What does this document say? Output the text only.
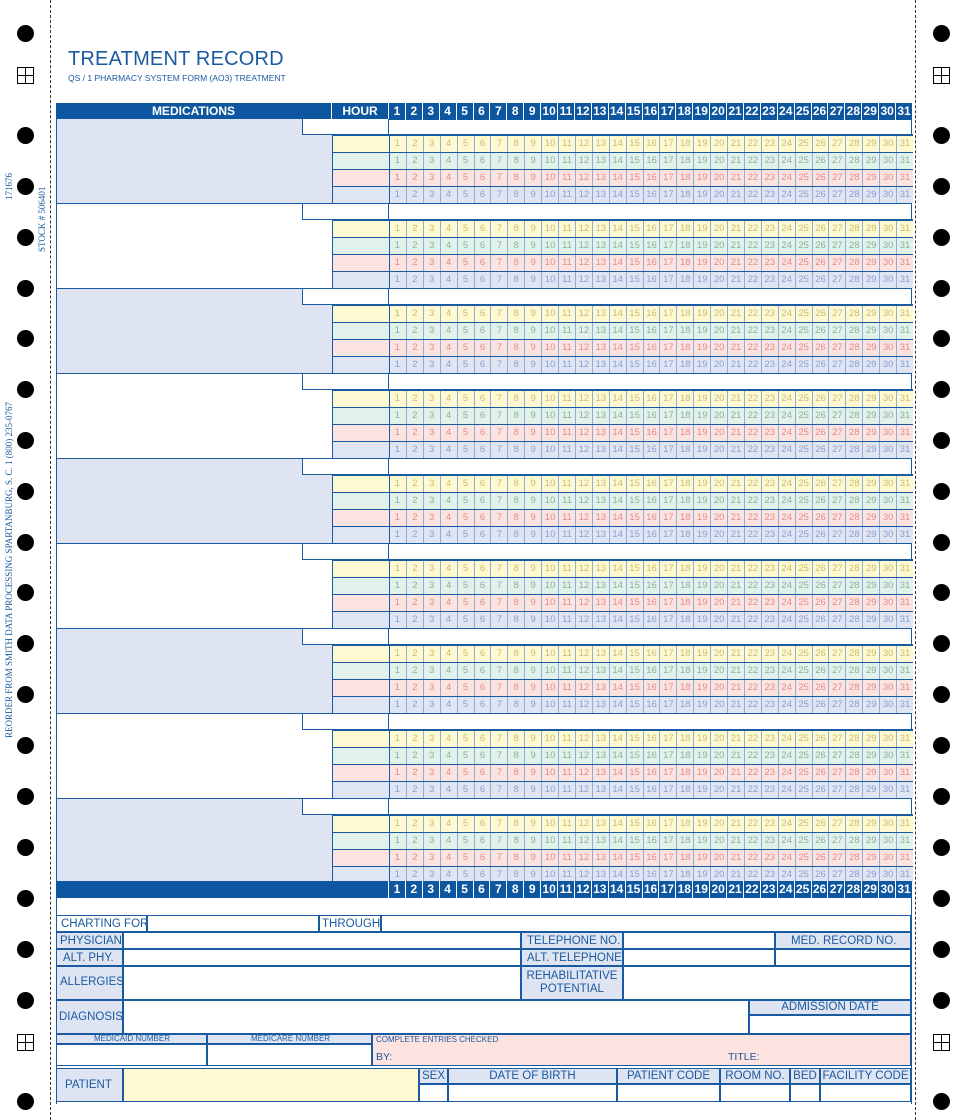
171676
STOCK # 506401
REORDER FROM SMITH DATA PROCESSING SPARTANBURG, S. C. 1 (800) 235-0767
TREATMENT RECORD
QS / 1 PHARMACY SYSTEM FORM (AO3) TREATMENT
MEDICATIONS	HOUR	1 2 3 4 5 6 7 8 9 10 11 12 13 14 15 16 17 18 19 20 21 22 23 24 25 26 27 28 29 30 31
1	2	3	4	5	6	7	8	9 10 11 12 13 14 15 16 17 18 19 20 21 22 23 24 25 26 27 28 29 30 31
1	2	3	4	5	6	7	8	9 10 11 12 13 14 15 16 17 18 19 20 21 22 23 24 25 26 27 28 29 30 31
1	2	3	4	5	6	7	8	9 10 11 12 13 14 15 16 17 18 19 20 21 22 23 24 25 26 27 28 29 30 31
1	2	3	4	5	6	7	8	9 10 11 12 13 14 15 16 17 18 19 20 21 22 23 24 25 26 27 28 29 30 31
1	2	3	4	5	6	7	8	9 10 11 12 13 14 15 16 17 18 19 20 21 22 23 24 25 26 27 28 29 30 31
1	2	3	4	5	6	7	8	9 10 11 12 13 14 15 16 17 18 19 20 21 22 23 24 25 26 27 28 29 30 31
1	2	3	4	5	6	7	8	9 10 11 12 13 14 15 16 17 18 19 20 21 22 23 24 25 26 27 28 29 30 31
1	2	3	4	5	6	7	8	9 10 11 12 13 14 15 16 17 18 19 20 21 22 23 24 25 26 27 28 29 30 31
1	2	3	4	5	6	7	8	9 10 11 12 13 14 15 16 17 18 19 20 21 22 23 24 25 26 27 28 29 30 31
1	2	3	4	5	6	7	8	9 10 11 12 13 14 15 16 17 18 19 20 21 22 23 24 25 26 27 28 29 30 31
1	2	3	4	5	6	7	8	9 10 11 12 13 14 15 16 17 18 19 20 21 22 23 24 25 26 27 28 29 30 31
1	2	3	4	5	6	7	8	9 10 11 12 13 14 15 16 17 18 19 20 21 22 23 24 25 26 27 28 29 30 31
1	2	3	4	5	6	7	8	9 10 11 12 13 14 15 16 17 18 19 20 21 22 23 24 25 26 27 28 29 30 31
1	2	3	4	5	6	7	8	9 10 11 12 13 14 15 16 17 18 19 20 21 22 23 24 25 26 27 28 29 30 31
1	2	3	4	5	6	7	8	9 10 11 12 13 14 15 16 17 18 19 20 21 22 23 24 25 26 27 28 29 30 31
1	2	3	4	5	6	7	8	9 10 11 12 13 14 15 16 17 18 19 20 21 22 23 24 25 26 27 28 29 30 31
1	2	3	4	5	6	7	8	9 10 11 12 13 14 15 16 17 18 19 20 21 22 23 24 25 26 27 28 29 30 31
1	2	3	4	5	6	7	8	9 10 11 12 13 14 15 16 17 18 19 20 21 22 23 24 25 26 27 28 29 30 31
1	2	3	4	5	6	7	8	9 10 11 12 13 14 15 16 17 18 19 20 21 22 23 24 25 26 27 28 29 30 31
1	2	3	4	5	6	7	8	9 10 11 12 13 14 15 16 17 18 19 20 21 22 23 24 25 26 27 28 29 30 31
1	2	3	4	5	6	7	8	9 10 11 12 13 14 15 16 17 18 19 20 21 22 23 24 25 26 27 28 29 30 31
1	2	3	4	5	6	7	8	9 10 11 12 13 14 15 16 17 18 19 20 21 22 23 24 25 26 27 28 29 30 31
1	2	3	4	5	6	7	8	9 10 11 12 13 14 15 16 17 18 19 20 21 22 23 24 25 26 27 28 29 30 31
1	2	3	4	5	6	7	8	9 10 11 12 13 14 15 16 17 18 19 20 21 22 23 24 25 26 27 28 29 30 31
1	2	3	4	5	6	7	8	9 10 11 12 13 14 15 16 17 18 19 20 21 22 23 24 25 26 27 28 29 30 31
1	2	3	4	5	6	7	8	9 10 11 12 13 14 15 16 17 18 19 20 21 22 23 24 25 26 27 28 29 30 31
1	2	3	4	5	6	7	8	9 10 11 12 13 14 15 16 17 18 19 20 21 22 23 24 25 26 27 28 29 30 31
1	2	3	4	5	6	7	8	9 10 11 12 13 14 15 16 17 18 19 20 21 22 23 24 25 26 27 28 29 30 31
1	2	3	4	5	6	7	8	9 10 11 12 13 14 15 16 17 18 19 20 21 22 23 24 25 26 27 28 29 30 31
1	2	3	4	5	6	7	8	9 10 11 12 13 14 15 16 17 18 19 20 21 22 23 24 25 26 27 28 29 30 31
1	2	3	4	5	6	7	8	9 10 11 12 13 14 15 16 17 18 19 20 21 22 23 24 25 26 27 28 29 30 31
1	2	3	4	5	6	7	8	9 10 11 12 13 14 15 16 17 18 19 20 21 22 23 24 25 26 27 28 29 30 31
1	2	3	4	5	6	7	8	9 10 11 12 13 14 15 16 17 18 19 20 21 22 23 24 25 26 27 28 29 30 31
1	2	3	4	5	6	7	8	9 10 11 12 13 14 15 16 17 18 19 20 21 22 23 24 25 26 27 28 29 30 31
1	2	3	4	5	6	7	8	9 10 11 12 13 14 15 16 17 18 19 20 21 22 23 24 25 26 27 28 29 30 31
1	2	3	4	5	6	7	8	9 10 11 12 13 14 15 16 17 18 19 20 21 22 23 24 25 26 27 28 29 30 31
1 2 3 4 5 6 7 8 9 10 11 12 13 14 15 16 17 18 19 20 21 22 23 24 25 26 27 28 29 30 31
CHARTING FOR	THROUGH
PHYSICIAN	TELEPHONE NO.	MED. RECORD NO.
ALT. PHY.	ALT. TELEPHONE
ALLERGIES	REHABILITATIVE
POTENTIAL
DIAGNOSIS
ADMISSION DATE
MEDICAID NUMBER	MEDICARE NUMBER	COMPLETE ENTRIES CHECKED
BY:	TITLE:
PATIENT
SEX	DATE OF BIRTH	PATIENT CODE	ROOM NO. BED FACILITY CODE
